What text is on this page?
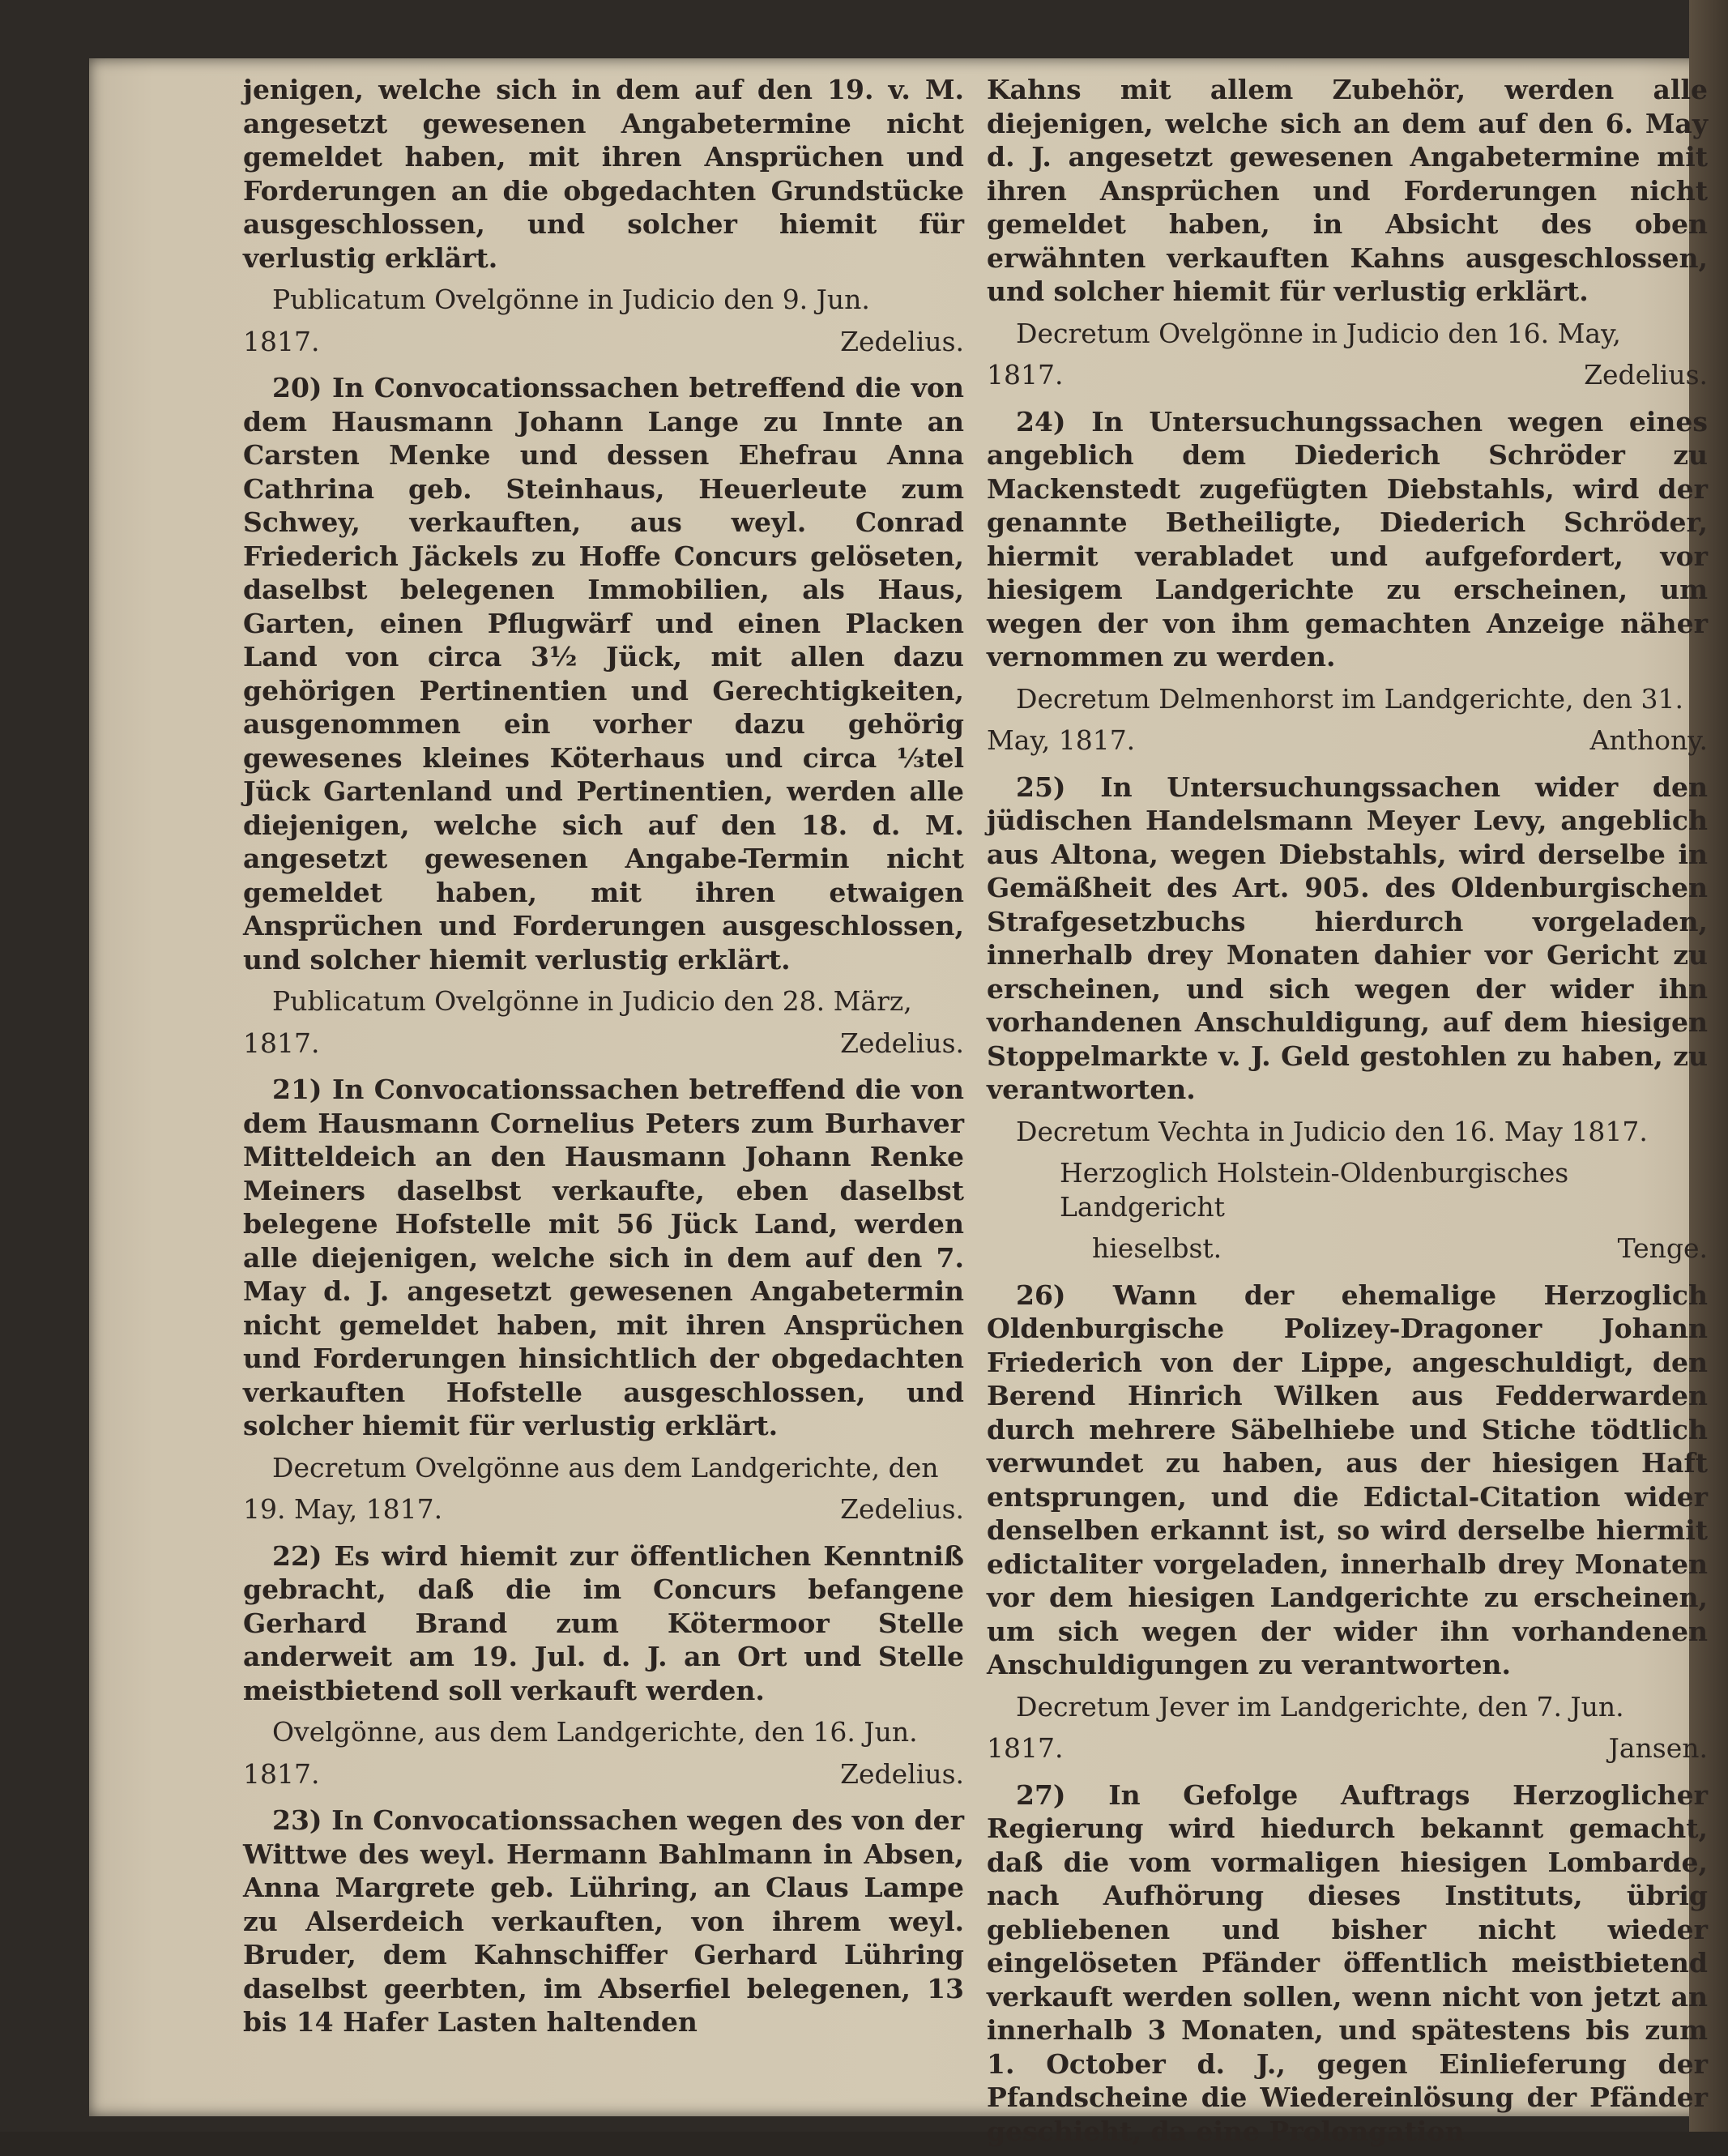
jenigen, welche sich in dem auf den 19. v. M. angesetzt gewesenen Angabetermine nicht gemeldet haben, mit ihren Ansprüchen und Forderungen an die obgedachten Grundstücke ausgeschlossen, und solcher hiemit für verlustig erklärt.

Publicatum Ovelgönne in Judicio den 9. Jun.

1817.	Zedelius.

20) In Convocationssachen betreffend die von dem Hausmann Johann Lange zu Innte an Carsten Menke und dessen Ehefrau Anna Cathrina geb. Steinhaus, Heuerleute zum Schwey, verkauften, aus weyl. Conrad Friederich Jäckels zu Hoffe Concurs gelöseten, daselbst belegenen Immobilien, als Haus, Garten, einen Pflugwärf und einen Placken Land von circa 3½ Jück, mit allen dazu gehörigen Pertinentien und Gerechtigkeiten, ausgenommen ein vorher dazu gehörig gewesenes kleines Köterhaus und circa ⅓tel Jück Gartenland und Pertinentien, werden alle diejenigen, welche sich auf den 18. d. M. angesetzt gewesenen Angabe-Termin nicht gemeldet haben, mit ihren etwaigen Ansprüchen und Forderungen ausgeschlossen, und solcher hiemit verlustig erklärt.

Publicatum Ovelgönne in Judicio den 28. März,

1817.	Zedelius.

21) In Convocationssachen betreffend die von dem Hausmann Cornelius Peters zum Burhaver Mitteldeich an den Hausmann Johann Renke Meiners daselbst verkaufte, eben daselbst belegene Hofstelle mit 56 Jück Land, werden alle diejenigen, welche sich in dem auf den 7. May d. J. angesetzt gewesenen Angabetermin nicht gemeldet haben, mit ihren Ansprüchen und Forderungen hinsichtlich der obgedachten verkauften Hofstelle ausgeschlossen, und solcher hiemit für verlustig erklärt.

Decretum Ovelgönne aus dem Landgerichte, den

19. May, 1817.	Zedelius.

22) Es wird hiemit zur öffentlichen Kenntniß gebracht, daß die im Concurs befangene Gerhard Brand zum Kötermoor Stelle anderweit am 19. Jul. d. J. an Ort und Stelle meistbietend soll verkauft werden.

Ovelgönne, aus dem Landgerichte, den 16. Jun.

1817.	Zedelius.

23) In Convocationssachen wegen des von der Wittwe des weyl. Hermann Bahlmann in Absen, Anna Margrete geb. Lühring, an Claus Lampe zu Alserdeich verkauften, von ihrem weyl. Bruder, dem Kahnschiffer Gerhard Lühring daselbst geerbten, im Abserfiel belegenen, 13 bis 14 Hafer Lasten haltenden

Kahns mit allem Zubehör, werden alle diejenigen, welche sich an dem auf den 6. May d. J. angesetzt gewesenen Angabetermine mit ihren Ansprüchen und Forderungen nicht gemeldet haben, in Absicht des oben erwähnten verkauften Kahns ausgeschlossen, und solcher hiemit für verlustig erklärt.

Decretum Ovelgönne in Judicio den 16. May,

1817.	Zedelius.

24) In Untersuchungssachen wegen eines angeblich dem Diederich Schröder zu Mackenstedt zugefügten Diebstahls, wird der genannte Betheiligte, Diederich Schröder, hiermit verabladet und aufgefordert, vor hiesigem Landgerichte zu erscheinen, um wegen der von ihm gemachten Anzeige näher vernommen zu werden.

Decretum Delmenhorst im Landgerichte, den 31.

May, 1817.	Anthony.

25) In Untersuchungssachen wider den jüdischen Handelsmann Meyer Levy, angeblich aus Altona, wegen Diebstahls, wird derselbe in Gemäßheit des Art. 905. des Oldenburgischen Strafgesetzbuchs hierdurch vorgeladen, innerhalb drey Monaten dahier vor Gericht zu erscheinen, und sich wegen der wider ihn vorhandenen Anschuldigung, auf dem hiesigen Stoppelmarkte v. J. Geld gestohlen zu haben, zu verantworten.

Decretum Vechta in Judicio den 16. May 1817.

Herzoglich Holstein-Oldenburgisches Landgericht

hieselbst.	Tenge.

26) Wann der ehemalige Herzoglich Oldenburgische Polizey-Dragoner Johann Friederich von der Lippe, angeschuldigt, den Berend Hinrich Wilken aus Fedderwarden durch mehrere Säbelhiebe und Stiche tödtlich verwundet zu haben, aus der hiesigen Haft entsprungen, und die Edictal-Citation wider denselben erkannt ist, so wird derselbe hiermit edictaliter vorgeladen, innerhalb drey Monaten vor dem hiesigen Landgerichte zu erscheinen, um sich wegen der wider ihn vorhandenen Anschuldigungen zu verantworten.

Decretum Jever im Landgerichte, den 7. Jun.

1817.	Jansen.

27) In Gefolge Auftrags Herzoglicher Regierung wird hiedurch bekannt gemacht, daß die vom vormaligen hiesigen Lombarde, nach Aufhörung dieses Instituts, übrig gebliebenen und bisher nicht wieder eingelöseten Pfänder öffentlich meistbietend verkauft werden sollen, wenn nicht von jetzt an innerhalb 3 Monaten, und spätestens bis zum 1. October d. J., gegen Einlieferung der Pfandscheine die Wiedereinlösung der Pfänder geschieht, da eine Prolongation
